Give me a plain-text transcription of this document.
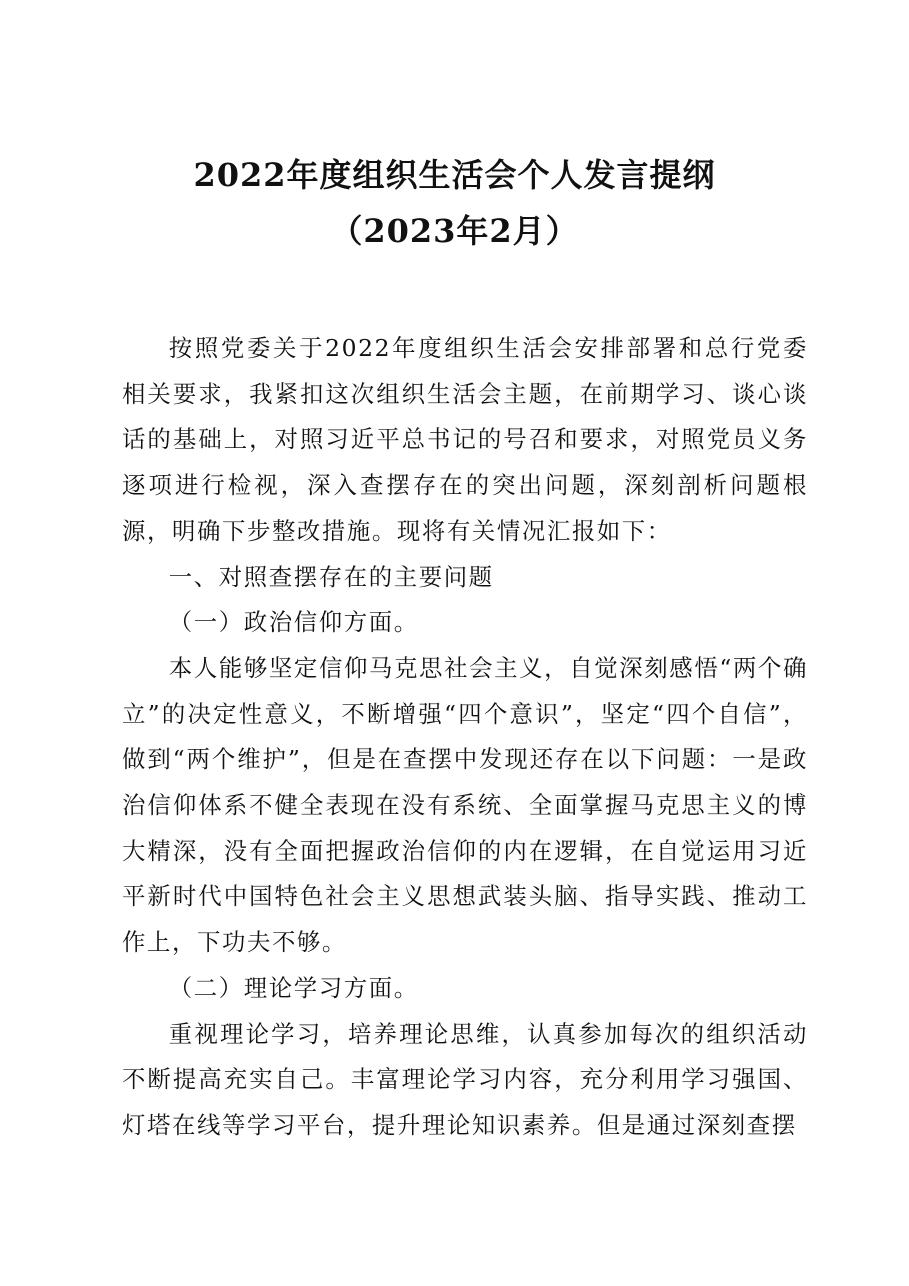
2022年度组织生活会个人发言提纲
（2023年2月）

按照党委关于2022年度组织生活会安排部署和总行党委相关要求，我紧扣这次组织生活会主题，在前期学习、谈心谈话的基础上，对照习近平总书记的号召和要求，对照党员义务逐项进行检视，深入查摆存在的突出问题，深刻剖析问题根源，明确下步整改措施。现将有关情况汇报如下：

一、对照查摆存在的主要问题

（一）政治信仰方面。

本人能够坚定信仰马克思社会主义，自觉深刻感悟“两个确立”的决定性意义，不断增强“四个意识”，坚定“四个自信”，做到“两个维护”，但是在查摆中发现还存在以下问题：一是政治信仰体系不健全表现在没有系统、全面掌握马克思主义的博大精深，没有全面把握政治信仰的内在逻辑，在自觉运用习近平新时代中国特色社会主义思想武装头脑、指导实践、推动工作上，下功夫不够。

（二）理论学习方面。

重视理论学习，培养理论思维，认真参加每次的组织活动不断提高充实自己。丰富理论学习内容，充分利用学习强国、灯塔在线等学习平台，提升理论知识素养。但是通过深刻查摆
